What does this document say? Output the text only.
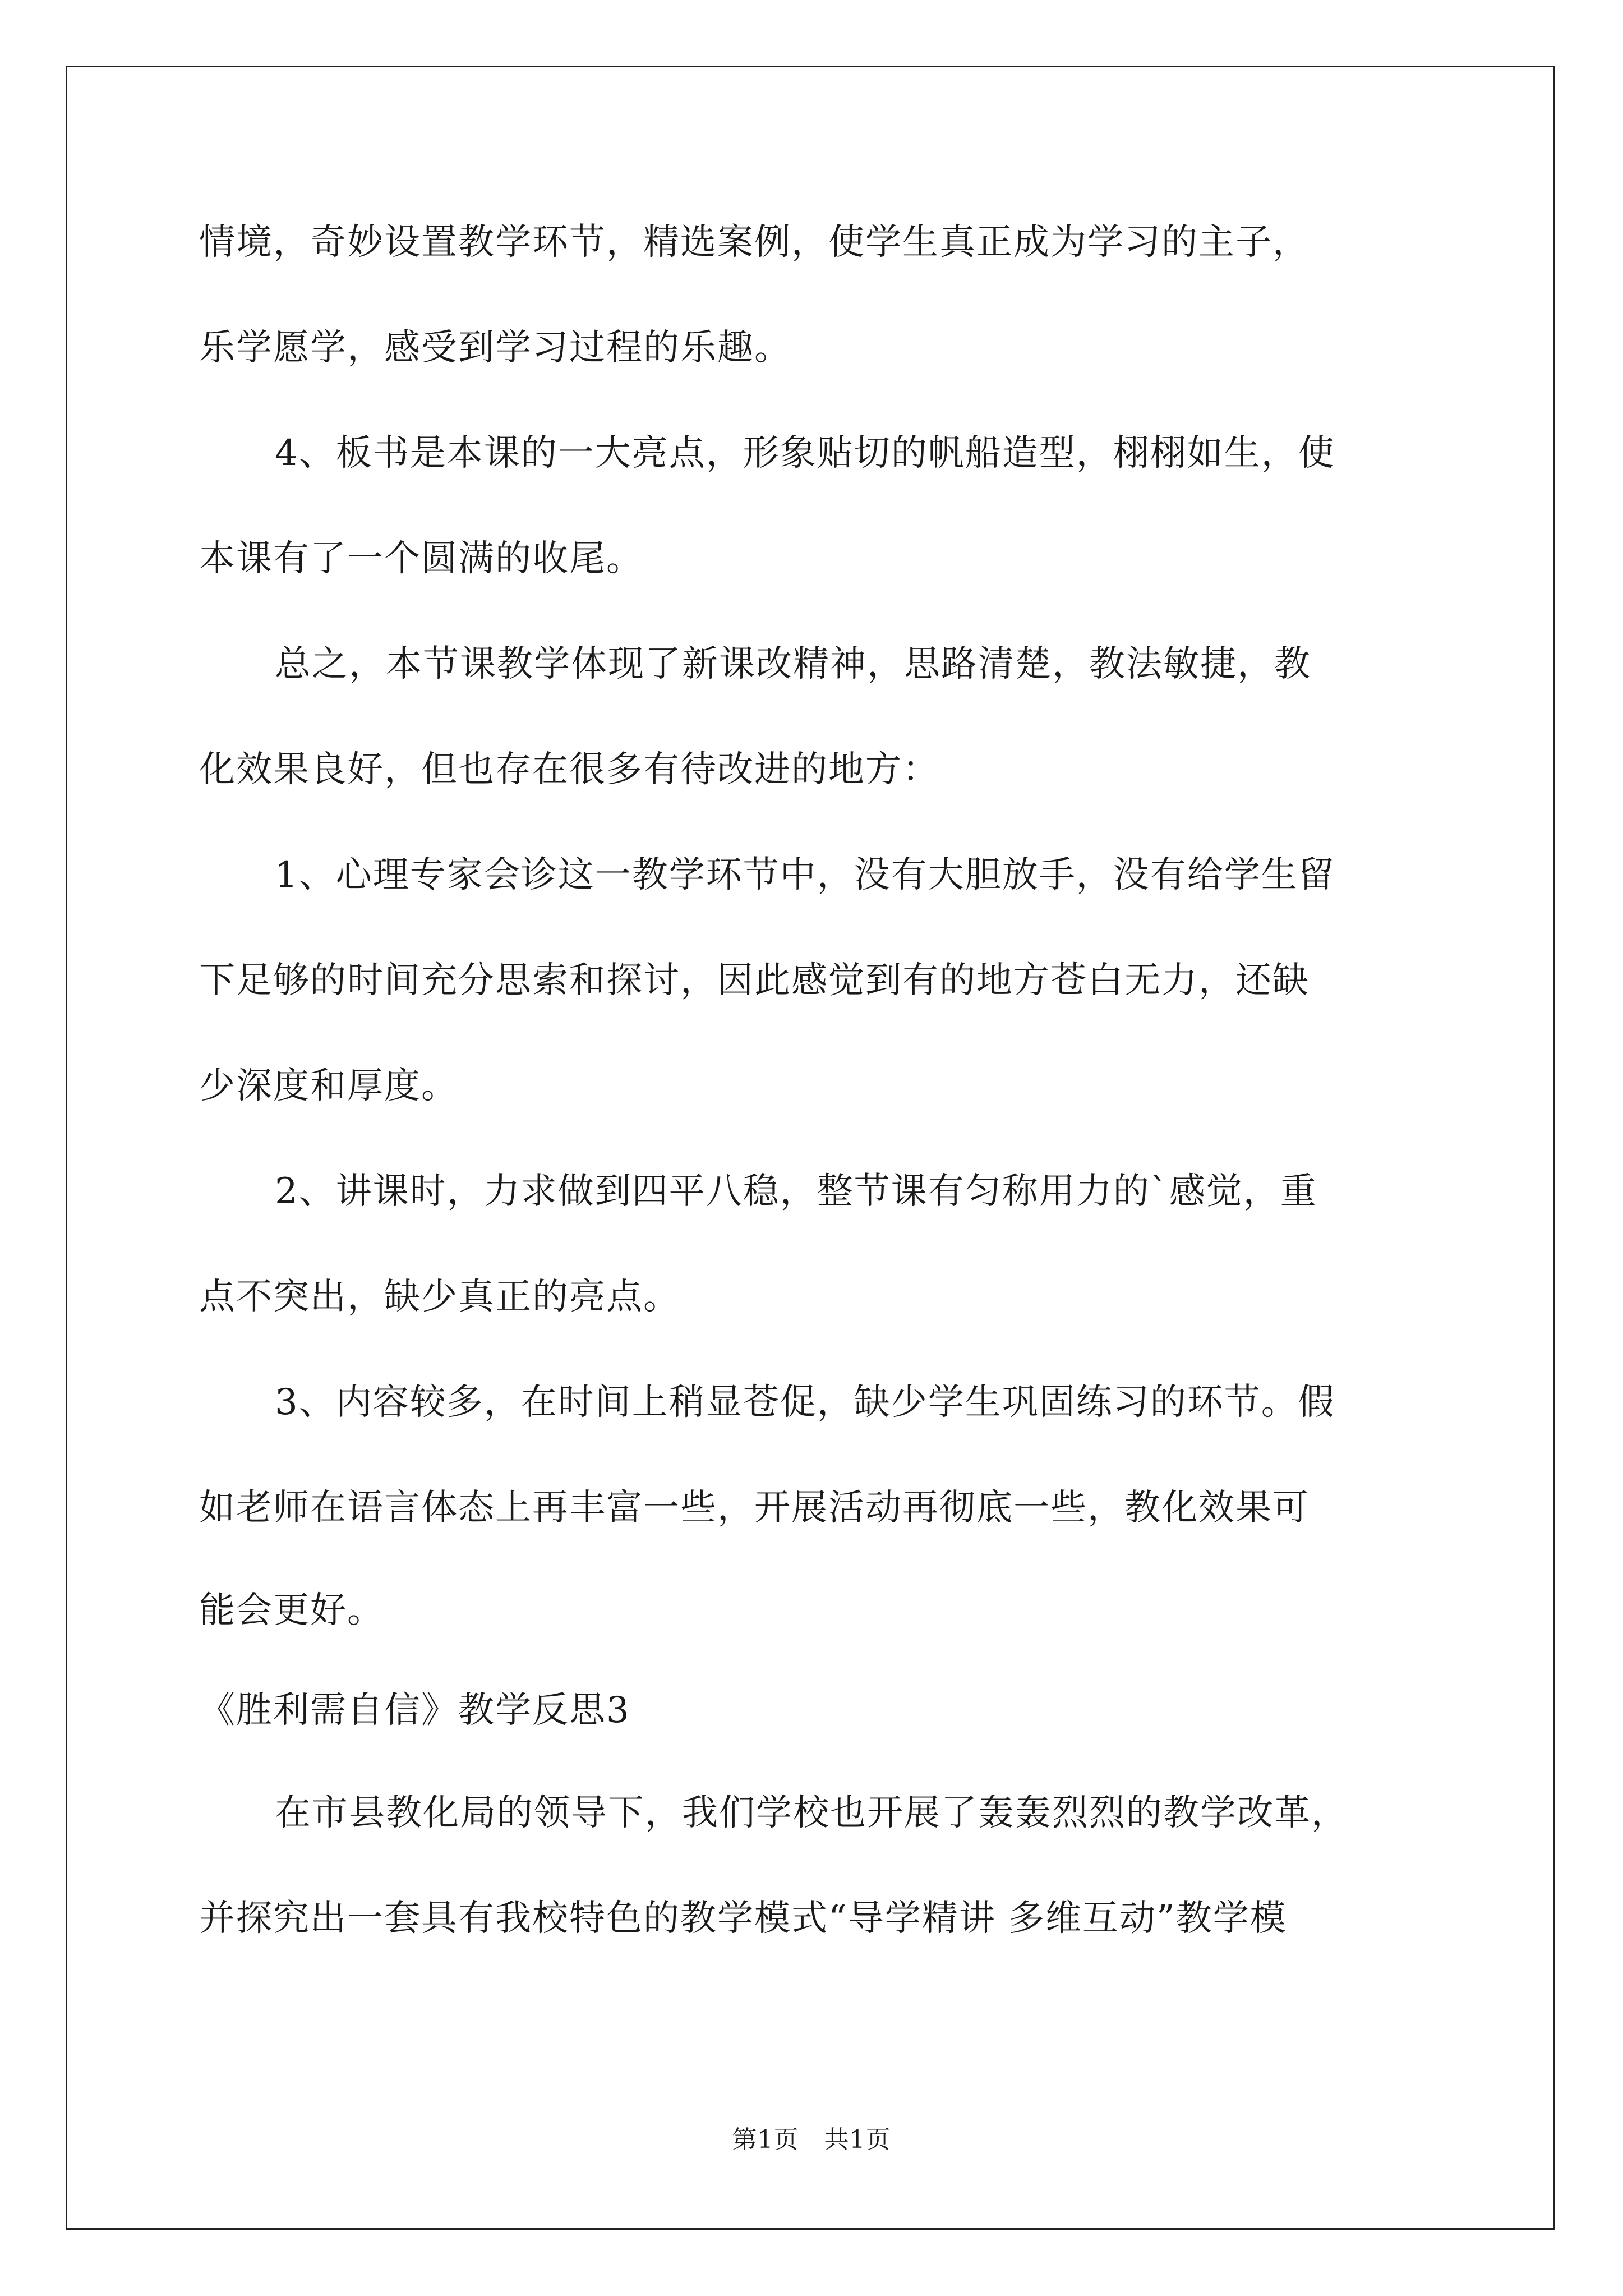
情境，奇妙设置教学环节，精选案例，使学生真正成为学习的主子，
乐学愿学，感受到学习过程的乐趣。
4、板书是本课的一大亮点，形象贴切的帆船造型，栩栩如生，使
本课有了一个圆满的收尾。
总之，本节课教学体现了新课改精神，思路清楚，教法敏捷，教
化效果良好，但也存在很多有待改进的地方：
1、心理专家会诊这一教学环节中，没有大胆放手，没有给学生留
下足够的时间充分思索和探讨，因此感觉到有的地方苍白无力，还缺
少深度和厚度。
2、讲课时，力求做到四平八稳，整节课有匀称用力的`感觉，重
点不突出，缺少真正的亮点。
3、内容较多，在时间上稍显苍促，缺少学生巩固练习的环节。假
如老师在语言体态上再丰富一些，开展活动再彻底一些，教化效果可
能会更好。
《胜利需自信》教学反思3
在市县教化局的领导下，我们学校也开展了轰轰烈烈的教学改革，
并探究出一套具有我校特色的教学模式“导学精讲 多维互动”教学模
第1页   共1页
